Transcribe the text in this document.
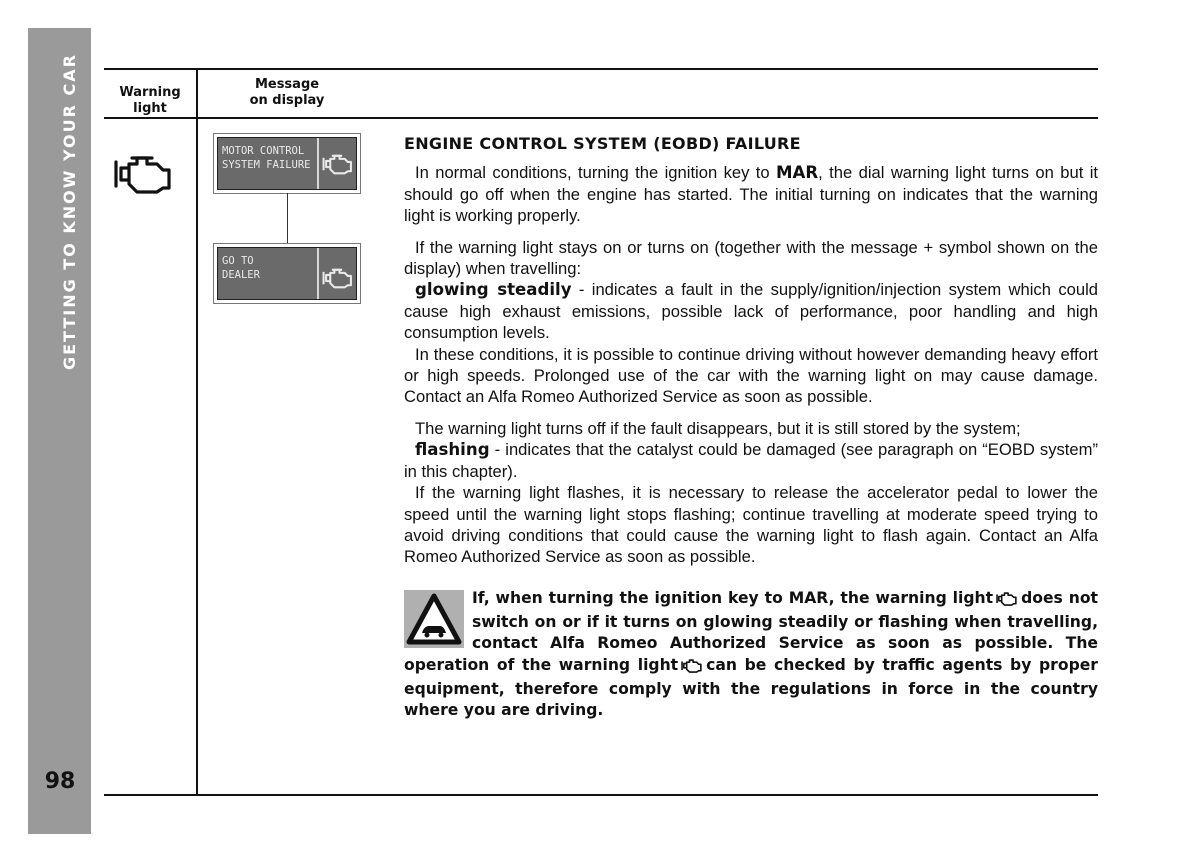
GETTING TO KNOW YOUR CAR
98
Warning light
Message
on display
MOTOR CONTROL
SYSTEM FAILURE
GO TO
DEALER
ENGINE CONTROL SYSTEM (EOBD) FAILURE

In normal conditions, turning the ignition key to MAR, the dial warning light turns on but it should go off when the engine has started. The initial turning on indicates that the warning light is working properly.

If the warning light stays on or turns on (together with the message + symbol shown on the display) when travelling:

glowing steadily - indicates a fault in the supply/ignition/injection system which could cause high exhaust emissions, possible lack of performance, poor handling and high consumption levels.

In these conditions, it is possible to continue driving without however demanding heavy effort or high speeds. Prolonged use of the car with the warning light on may cause damage. Contact an Alfa Romeo Authorized Service as soon as possible.

The warning light turns off if the fault disappears, but it is still stored by the system;

flashing - indicates that the catalyst could be damaged (see paragraph on “EOBD system” in this chapter).

If the warning light flashes, it is necessary to release the accelerator pedal to lower the speed until the warning light stops flashing; continue travelling at moderate speed trying to avoid driving conditions that could cause the warning light to flash again. Contact an Alfa Romeo Authorized Service as soon as possible.

If, when turning the ignition key to MAR, the warning light does not switch on or if it turns on glowing steadily or flashing when travelling, contact Alfa Romeo Authorized Service as soon as possible. The operation of the warning light can be checked by traffic agents by proper equipment, therefore comply with the regulations in force in the country where you are driving.
